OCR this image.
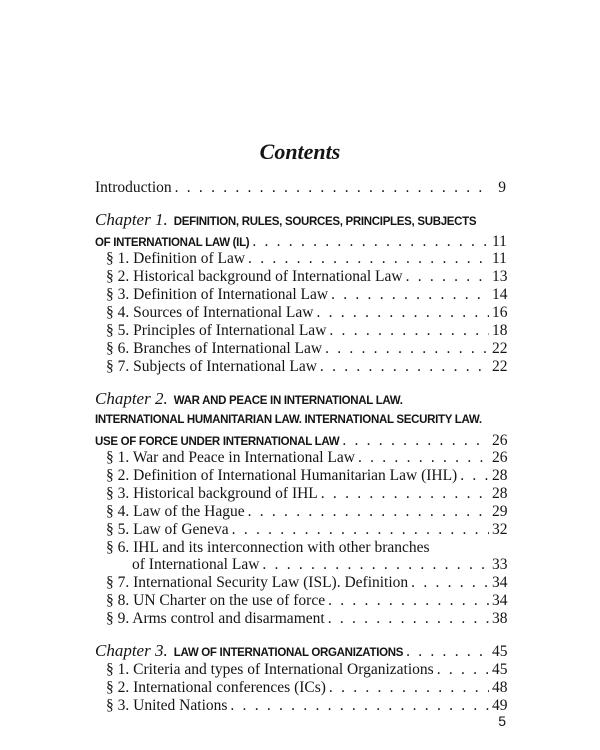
Contents
Introduction . . .	9
Chapter 1. DEFINITION, RULES, SOURCES, PRINCIPLES, SUBJECTS
OF INTERNATIONAL LAW (IL) . . .	11
§ 1. Definition of Law . . .	11
§ 2. Historical background of International Law . . .	13
§ 3. Definition of International Law . . .	14
§ 4. Sources of International Law . . .	16
§ 5. Principles of International Law . . .	18
§ 6. Branches of International Law . . .	22
§ 7. Subjects of International Law . . .	22
Chapter 2. WAR AND PEACE IN INTERNATIONAL LAW.
INTERNATIONAL HUMANITARIAN LAW. INTERNATIONAL SECURITY LAW.
USE OF FORCE UNDER INTERNATIONAL LAW . . .	26
§ 1. War and Peace in International Law . . .	26
§ 2. Definition of International Humanitarian Law (IHL) . . . 28
§ 3. Historical background of IHL . . .	28
§ 4. Law of the Hague . . .	29
§ 5. Law of Geneva . . .	32
§ 6. IHL and its interconnection with other branches
of International Law . . .	33
§ 7. International Security Law (ISL). Definition . . .	34
§ 8. UN Charter on the use of force . . .	34
§ 9. Arms control and disarmament . . .	38
Chapter 3. LAW OF INTERNATIONAL ORGANIZATIONS . . .	45
§ 1. Criteria and types of International Organizations . . .	45
§ 2. International conferences (ICs) . . .	48
§ 3. United Nations . . .	49
5
